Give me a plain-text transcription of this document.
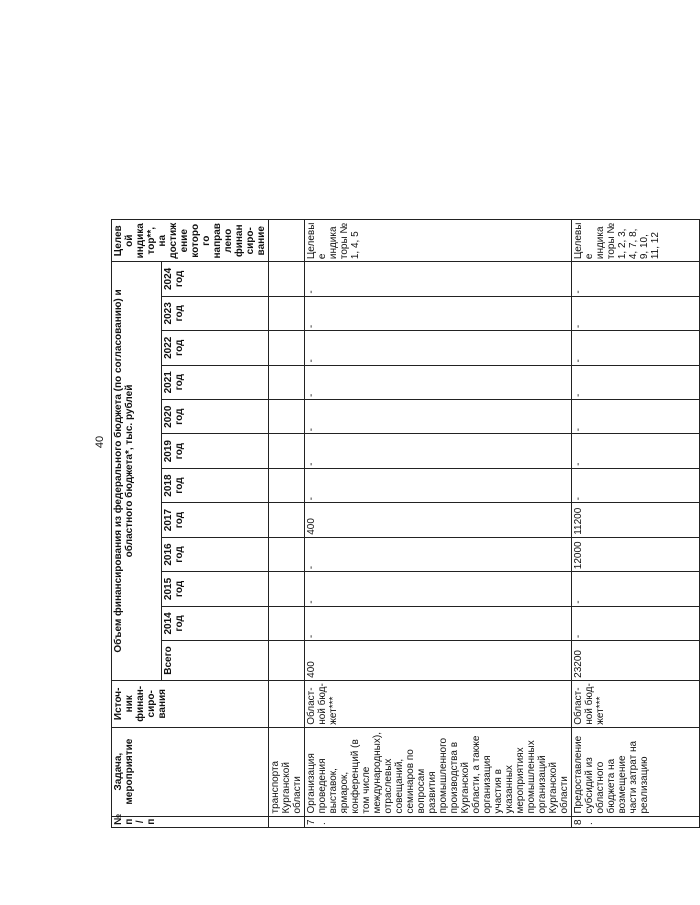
40
№ п/п	Задача, мероприятие	Источ-ник финан-сиро-вания	Объем финансирования из федерального бюджета (по согласованию) и областного бюджета*, тыс. рублей												Целевой индикатор**, на достижение которого направлено финансиро-вание	
			Всего	2014 год	2015 год	2016 год	2017 год	2018 год	2019 год	2020 год	2021 год	2022 год	2023 год	2024 год		

	транспорта Курганской области															
7.	Организация проведения выставок, ярмарок, конференций (в том числе международных), отраслевых совещаний, семинаров по вопросам развития промышленного производства в Курганской области, а также организация участия в указанных мероприятиях промышленных организаций Курганской области	Област-ной бюд-жет***	400	-	-	-	400	-	-	-	-	-	-	-	Целевые индикаторы № 1, 4, 5	
8.	Предоставление субсидий из областного бюджета на возмещение части затрат на реализацию	Област-ной бюд-жет***	23200	-	-	12000	11200	-	-	-	-	-	-	-	Целевые индикаторы № 1, 2, 3, 4, 7, 8, 9, 10, 11, 12	
